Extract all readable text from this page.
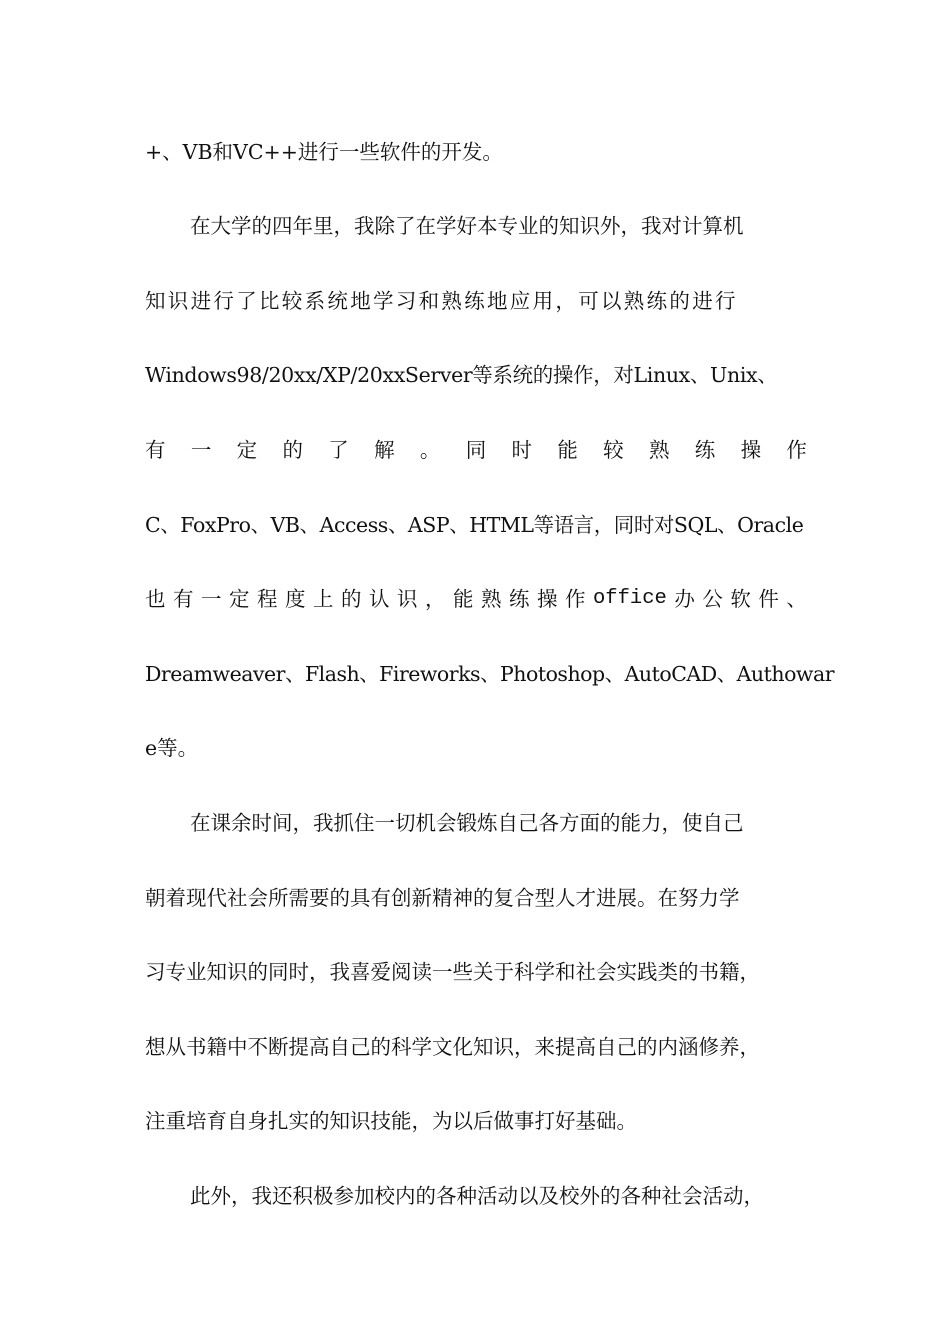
+、VB和VC++进行一些软件的开发。
在大学的四年里，我除了在学好本专业的知识外，我对计算机
知识进行了比较系统地学习和熟练地应用，可以熟练的进行
Windows98/20xx/XP/20xxServer等系统的操作，对Linux、Unix、
有 一 定 的 了 解 。 同 时 能 较 熟 练 操 作
C、FoxPro、VB、Access、ASP、HTML等语言，同时对SQL、Oracle
也 有 一 定 程 度 上 的 认 识 ， 能 熟 练 操 作 office 办 公 软 件 、
Dreamweaver、Flash、Fireworks、Photoshop、AutoCAD、Authowar
e等。
在课余时间，我抓住一切机会锻炼自己各方面的能力，使自己
朝着现代社会所需要的具有创新精神的复合型人才进展。在努力学
习专业知识的同时，我喜爱阅读一些关于科学和社会实践类的书籍，
想从书籍中不断提高自己的科学文化知识，来提高自己的内涵修养，
注重培育自身扎实的知识技能，为以后做事打好基础。
此外，我还积极参加校内的各种活动以及校外的各种社会活动，
